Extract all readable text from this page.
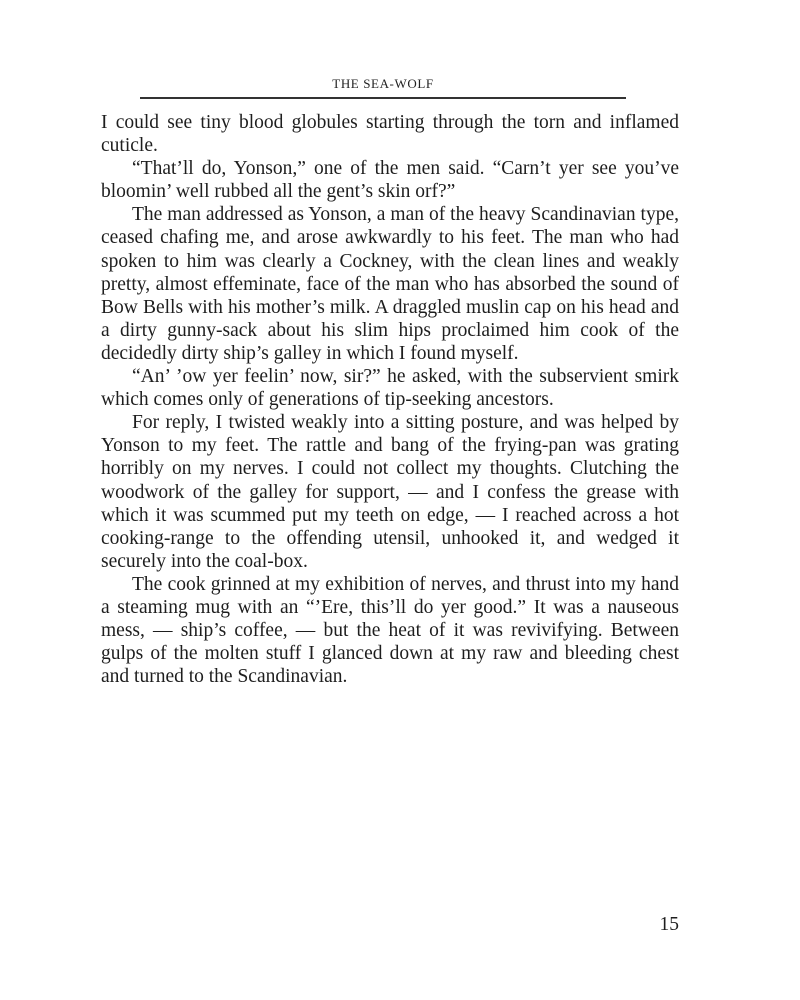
THE SEA-WOLF

I could see tiny blood globules starting through the torn and inflamed cuticle.

“That’ll do, Yonson,” one of the men said. “Carn’t yer see you’ve bloomin’ well rubbed all the gent’s skin orf?”

The man addressed as Yonson, a man of the heavy Scandinavian type, ceased chafing me, and arose awkwardly to his feet. The man who had spoken to him was clearly a Cockney, with the clean lines and weakly pretty, almost effeminate, face of the man who has absorbed the sound of Bow Bells with his mother’s milk. A draggled muslin cap on his head and a dirty gunny-sack about his slim hips proclaimed him cook of the decidedly dirty ship’s galley in which I found myself.

“An’ ’ow yer feelin’ now, sir?” he asked, with the subservient smirk which comes only of generations of tip-seeking ancestors.

For reply, I twisted weakly into a sitting posture, and was helped by Yonson to my feet. The rattle and bang of the frying-pan was grating horribly on my nerves. I could not collect my thoughts. Clutching the woodwork of the galley for support, — and I confess the grease with which it was scummed put my teeth on edge, — I reached across a hot cooking-range to the offending utensil, unhooked it, and wedged it securely into the coal-box.

The cook grinned at my exhibition of nerves, and thrust into my hand a steaming mug with an “’Ere, this’ll do yer good.” It was a nauseous mess, — ship’s coffee, — but the heat of it was revivifying. Between gulps of the molten stuff I glanced down at my raw and bleeding chest and turned to the Scandinavian.

15
